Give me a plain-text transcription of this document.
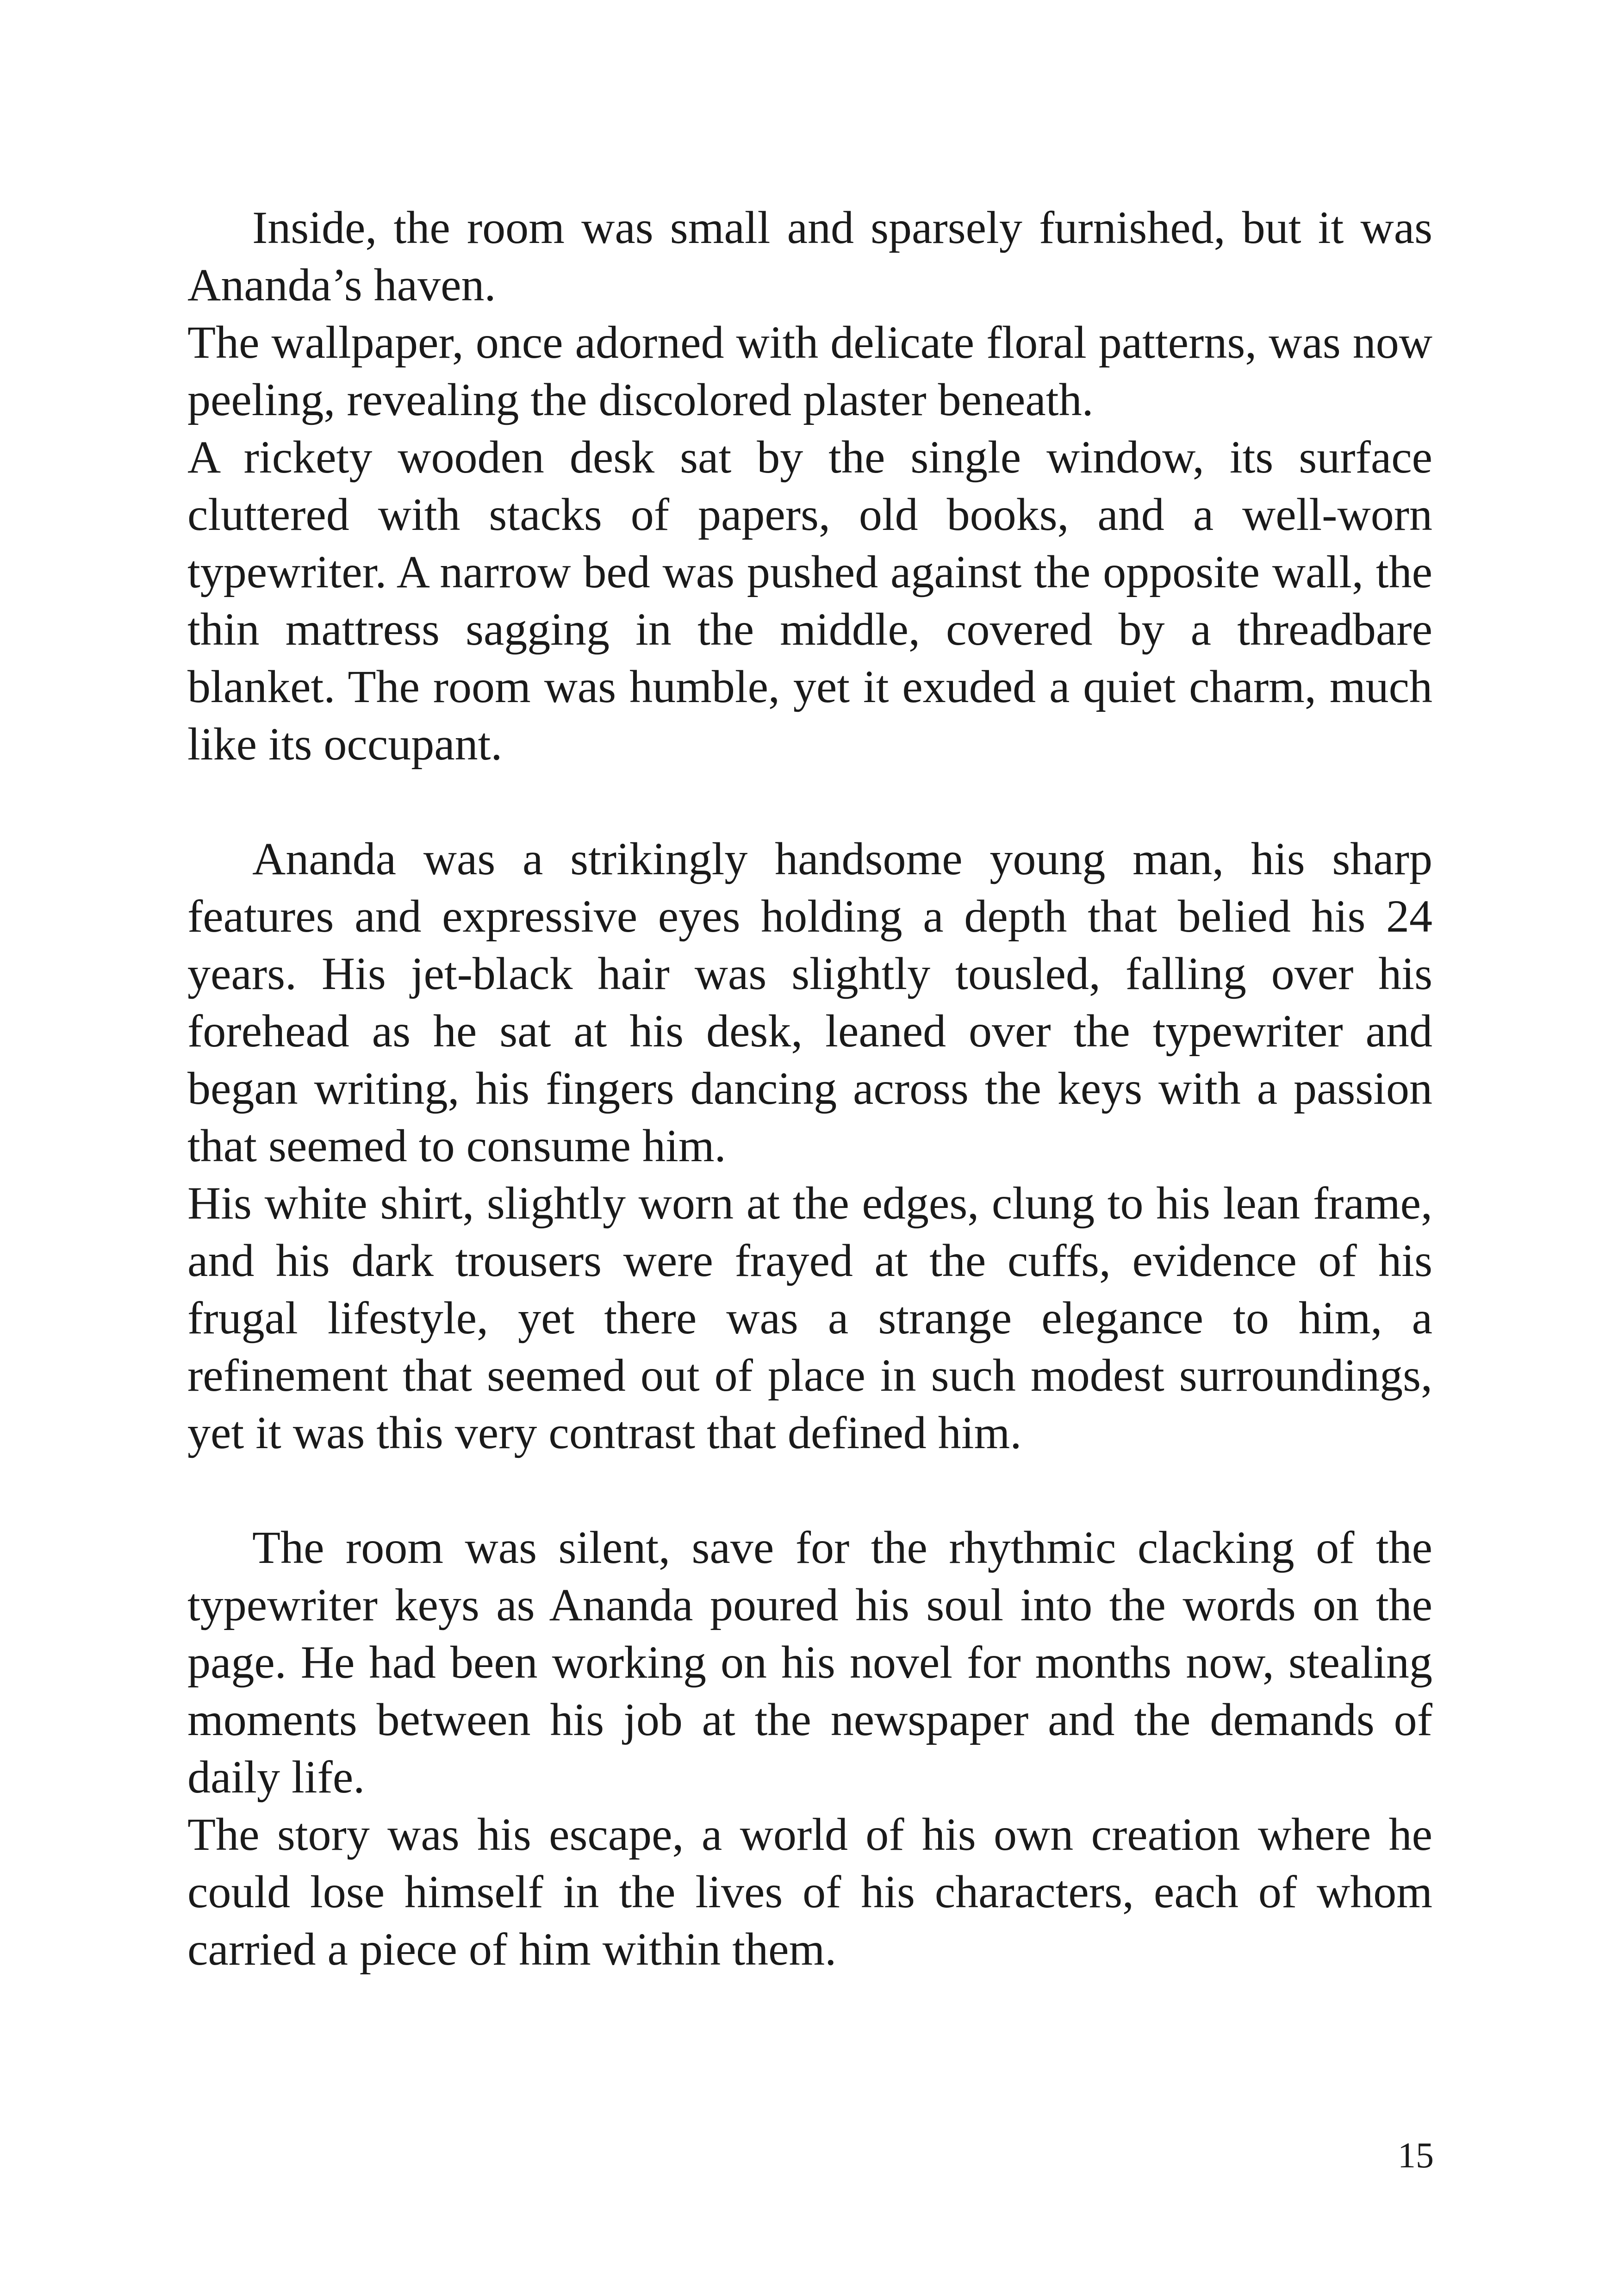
Inside, the room was small and sparsely furnished, but it was Ananda’s haven.

The wallpaper, once adorned with delicate floral patterns, was now peeling, revealing the discolored plaster beneath.

A rickety wooden desk sat by the single window, its surface cluttered with stacks of papers, old books, and a well-worn typewriter. A narrow bed was pushed against the opposite wall, the thin mattress sagging in the middle, covered by a threadbare blanket. The room was humble, yet it exuded a quiet charm, much like its occupant.

Ananda was a strikingly handsome young man, his sharp features and expressive eyes holding a depth that belied his 24 years. His jet-black hair was slightly tousled, falling over his forehead as he sat at his desk, leaned over the typewriter and began writing, his fingers dancing across the keys with a passion that seemed to consume him.

His white shirt, slightly worn at the edges, clung to his lean frame, and his dark trousers were frayed at the cuffs, evidence of his frugal lifestyle, yet there was a strange elegance to him, a refinement that seemed out of place in such modest surroundings, yet it was this very contrast that defined him.

The room was silent, save for the rhythmic clacking of the typewriter keys as Ananda poured his soul into the words on the page. He had been working on his novel for months now, stealing moments between his job at the newspaper and the demands of daily life.

The story was his escape, a world of his own creation where he could lose himself in the lives of his characters, each of whom carried a piece of him within them.

15
